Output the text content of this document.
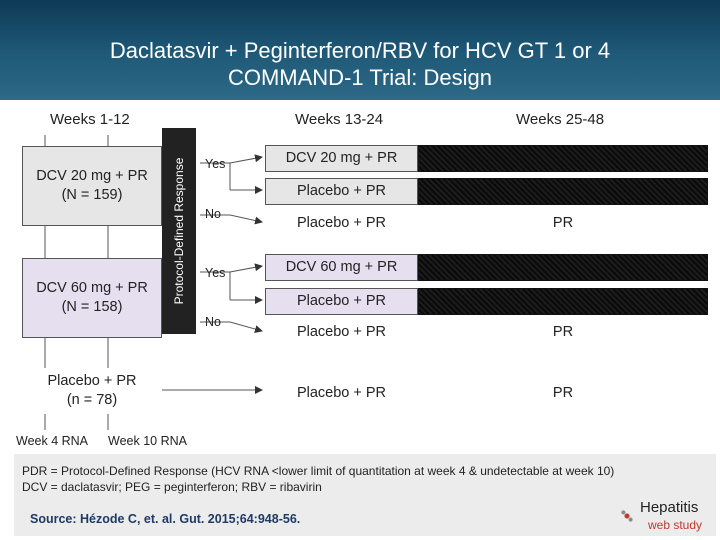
Daclatasvir + Peginterferon/RBV for HCV GT 1 or 4
COMMAND-1 Trial: Design
Weeks 1-12	Weeks 13-24	Weeks 25-48
DCV 20 mg + PR
(N = 159)
DCV 60 mg + PR
(N = 158)
Placebo + PR
(n = 78)
Protocol-Defined Response Yes
No
Yes
No
DCV 20 mg + PR
Placebo + PR
Placebo + PR
DCV 60 mg + PR
Placebo + PR
Placebo + PR
Placebo + PR
PR
PR
PR
Week 4 RNA Week 10 RNA
PDR = Protocol-Defined Response (HCV RNA <lower limit of quantitation at week 4 & undetectable at week 10)
DCV = daclatasvir; PEG = peginterferon; RBV = ribavirin
Source: Hézode C, et. al. Gut. 2015;64:948-56.
Hepatitis
web study
